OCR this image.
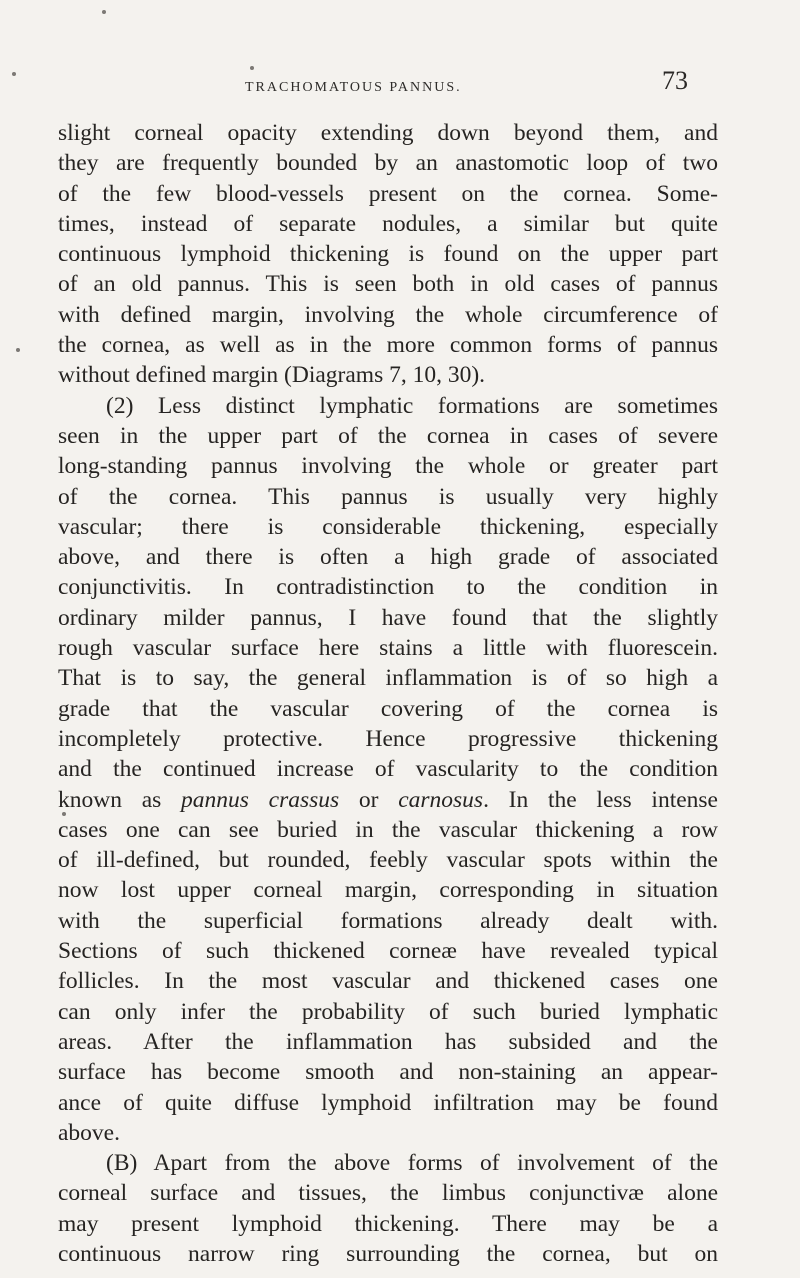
TRACHOMATOUS PANNUS.	73
slight corneal opacity extending down beyond them, and
they are frequently bounded by an anastomotic loop of two
of the few blood-vessels present on the cornea. Some-
times, instead of separate nodules, a similar but quite
continuous lymphoid thickening is found on the upper part
of an old pannus. This is seen both in old cases of pannus
with defined margin, involving the whole circumference of
the cornea, as well as in the more common forms of pannus
without defined margin (Diagrams 7, 10, 30).
(2) Less distinct lymphatic formations are sometimes
seen in the upper part of the cornea in cases of severe
long-standing pannus involving the whole or greater part
of the cornea. This pannus is usually very highly
vascular; there is considerable thickening, especially
above, and there is often a high grade of associated
conjunctivitis. In contradistinction to the condition in
ordinary milder pannus, I have found that the slightly
rough vascular surface here stains a little with fluorescein.
That is to say, the general inflammation is of so high a
grade that the vascular covering of the cornea is
incompletely protective. Hence progressive thickening
and the continued increase of vascularity to the condition
known as pannus crassus or carnosus. In the less intense
cases one can see buried in the vascular thickening a row
of ill-defined, but rounded, feebly vascular spots within the
now lost upper corneal margin, corresponding in situation
with the superficial formations already dealt with.
Sections of such thickened corneæ have revealed typical
follicles. In the most vascular and thickened cases one
can only infer the probability of such buried lymphatic
areas. After the inflammation has subsided and the
surface has become smooth and non-staining an appear-
ance of quite diffuse lymphoid infiltration may be found
above.
(B) Apart from the above forms of involvement of the
corneal surface and tissues, the limbus conjunctivæ alone
may present lymphoid thickening. There may be a
continuous narrow ring surrounding the cornea, but on
